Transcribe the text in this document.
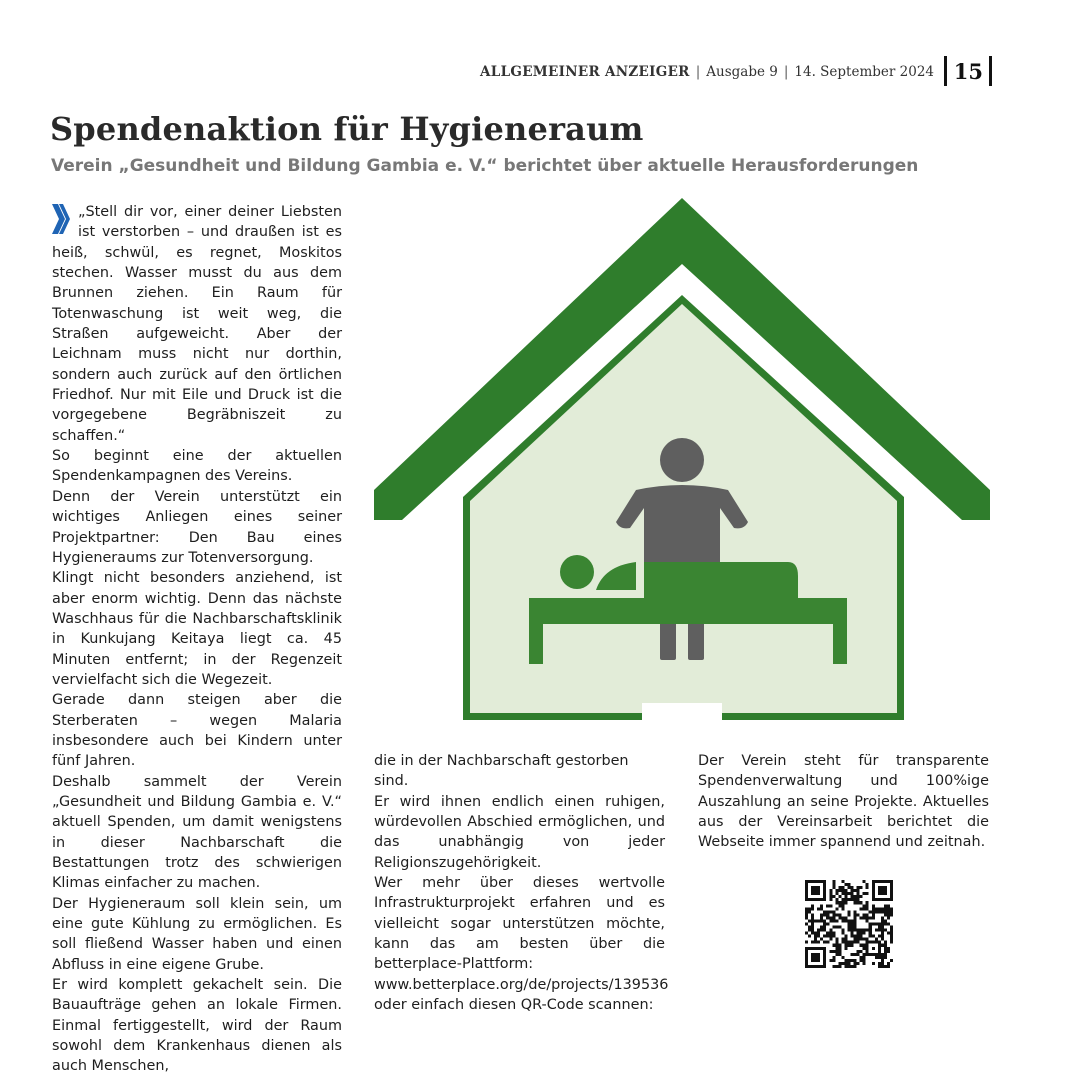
ALLGEMEINER ANZEIGER | Ausgabe 9 | 14. September 2024 15
Spendenaktion für Hygieneraum
Verein „Gesundheit und Bildung Gambia e. V.“ berichtet über aktuelle Herausforderungen

„Stell dir vor, einer deiner Liebsten ist verstorben – und draußen ist es heiß, schwül, es regnet, Moskitos stechen. Wasser musst du aus dem Brunnen ziehen. Ein Raum für Totenwaschung ist weit weg, die Straßen aufgeweicht. Aber der Leichnam muss nicht nur dorthin, sondern auch zurück auf den örtlichen Friedhof. Nur mit Eile und Druck ist die vorgegebene Begräbniszeit zu schaffen.“

So beginnt eine der aktuellen Spendenkampagnen des Vereins.

Denn der Verein unterstützt ein wichtiges Anliegen eines seiner Projektpartner: Den Bau eines Hygieneraums zur Totenversorgung.

Klingt nicht besonders anziehend, ist aber enorm wichtig. Denn das nächste Waschhaus für die Nachbarschaftsklinik in Kunkujang Keitaya liegt ca. 45 Minuten entfernt; in der Regenzeit vervielfacht sich die Wegezeit.

Gerade dann steigen aber die Sterberaten – wegen Malaria insbesondere auch bei Kindern unter fünf Jahren.

Deshalb sammelt der Verein „Gesundheit und Bildung Gambia e. V.“ aktuell Spenden, um damit wenigstens in dieser Nachbarschaft die Bestattungen trotz des schwierigen Klimas einfacher zu machen.

Der Hygieneraum soll klein sein, um eine gute Kühlung zu ermöglichen. Es soll fließend Wasser haben und einen Abfluss in eine eigene Grube.

Er wird komplett gekachelt sein. Die Bauaufträge gehen an lokale Firmen. Einmal fertiggestellt, wird der Raum sowohl dem Krankenhaus dienen als auch Menschen,

die in der Nachbarschaft gestorben sind.

Er wird ihnen endlich einen ruhigen, würdevollen Abschied ermöglichen, und das unabhängig von jeder Religionszugehörigkeit.

Wer mehr über dieses wertvolle Infrastrukturprojekt erfahren und es vielleicht sogar unterstützen möchte, kann das am besten über die betterplace-Plattform:

www.betterplace.org/de/projects/139536

oder einfach diesen QR-Code scannen:

Der Verein steht für transparente Spendenverwaltung und 100%ige Auszahlung an seine Projekte. Aktuelles aus der Vereinsarbeit berichtet die Webseite immer spannend und zeitnah.
